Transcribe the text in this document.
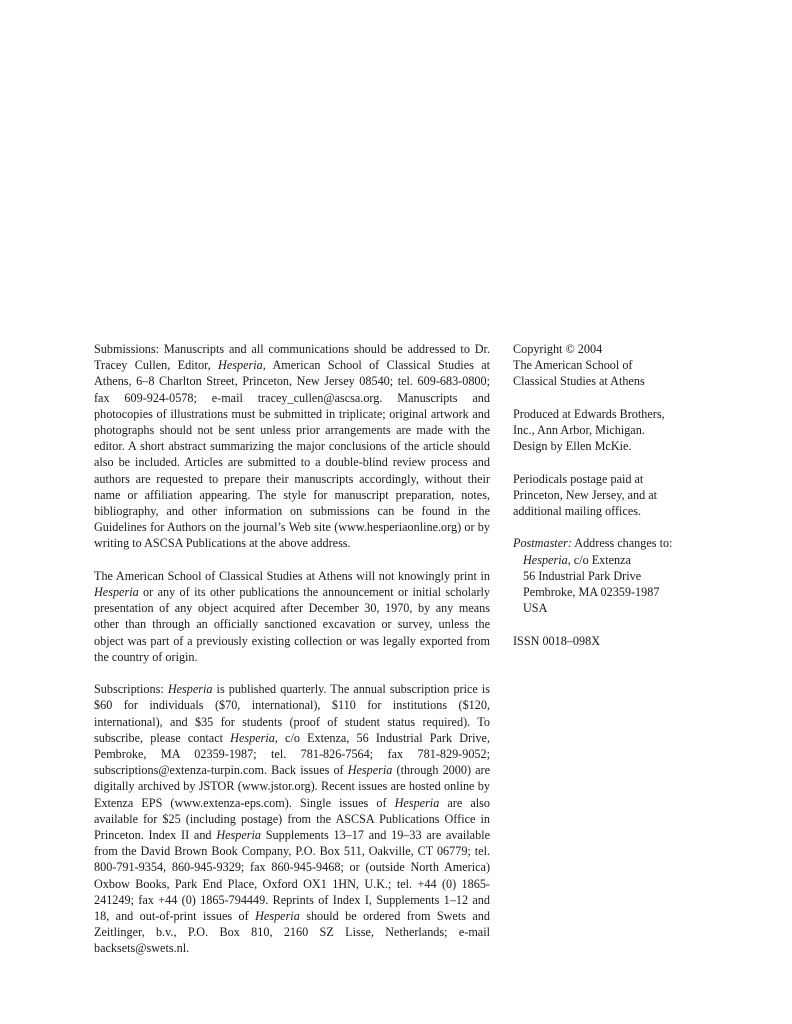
Submissions: Manuscripts and all communications should be addressed to Dr. Tracey Cullen, Editor, Hesperia, American School of Classical Studies at Athens, 6–8 Charlton Street, Princeton, New Jersey 08540; tel. 609-683-0800; fax 609-924-0578; e-mail tracey_cullen@ascsa.org. Manuscripts and photocopies of illustrations must be submitted in triplicate; original artwork and photographs should not be sent unless prior arrangements are made with the editor. A short abstract summarizing the major conclusions of the article should also be included. Articles are submitted to a double-blind review process and authors are requested to prepare their manuscripts accordingly, without their name or affiliation appearing. The style for manuscript preparation, notes, bibliography, and other information on submissions can be found in the Guidelines for Authors on the journal’s Web site (www.hesperiaonline.org) or by writing to ASCSA Publications at the above address.

The American School of Classical Studies at Athens will not knowingly print in Hesperia or any of its other publications the announcement or initial scholarly presentation of any object acquired after December 30, 1970, by any means other than through an officially sanctioned excavation or survey, unless the object was part of a previously existing collection or was legally exported from the country of origin.

Subscriptions: Hesperia is published quarterly. The annual subscription price is $60 for individuals ($70, international), $110 for institutions ($120, international), and $35 for students (proof of student status required). To subscribe, please contact Hesperia, c/o Extenza, 56 Industrial Park Drive, Pembroke, MA 02359-1987; tel. 781-826-7564; fax 781-829-9052; subscriptions@extenza-turpin.com. Back issues of Hesperia (through 2000) are digitally archived by JSTOR (www.jstor.org). Recent issues are hosted online by Extenza EPS (www.extenza-eps.com). Single issues of Hesperia are also available for $25 (including postage) from the ASCSA Publications Office in Princeton. Index II and Hesperia Supplements 13–17 and 19–33 are available from the David Brown Book Company, P.O. Box 511, Oakville, CT 06779; tel. 800-791-9354, 860-945-9329; fax 860-945-9468; or (outside North America) Oxbow Books, Park End Place, Oxford OX1 1HN, U.K.; tel. +44 (0) 1865-241249; fax +44 (0) 1865-794449. Reprints of Index I, Supplements 1–12 and 18, and out-of-print issues of Hesperia should be ordered from Swets and Zeitlinger, b.v., P.O. Box 810, 2160 SZ Lisse, Netherlands; e-mail backsets@swets.nl.

Copyright © 2004
The American School of
Classical Studies at Athens

Produced at Edwards Brothers,
Inc., Ann Arbor, Michigan.
Design by Ellen McKie.

Periodicals postage paid at
Princeton, New Jersey, and at
additional mailing offices.

Postmaster: Address changes to:
Hesperia, c/o Extenza
56 Industrial Park Drive
Pembroke, MA 02359-1987
USA

ISSN 0018–098X
